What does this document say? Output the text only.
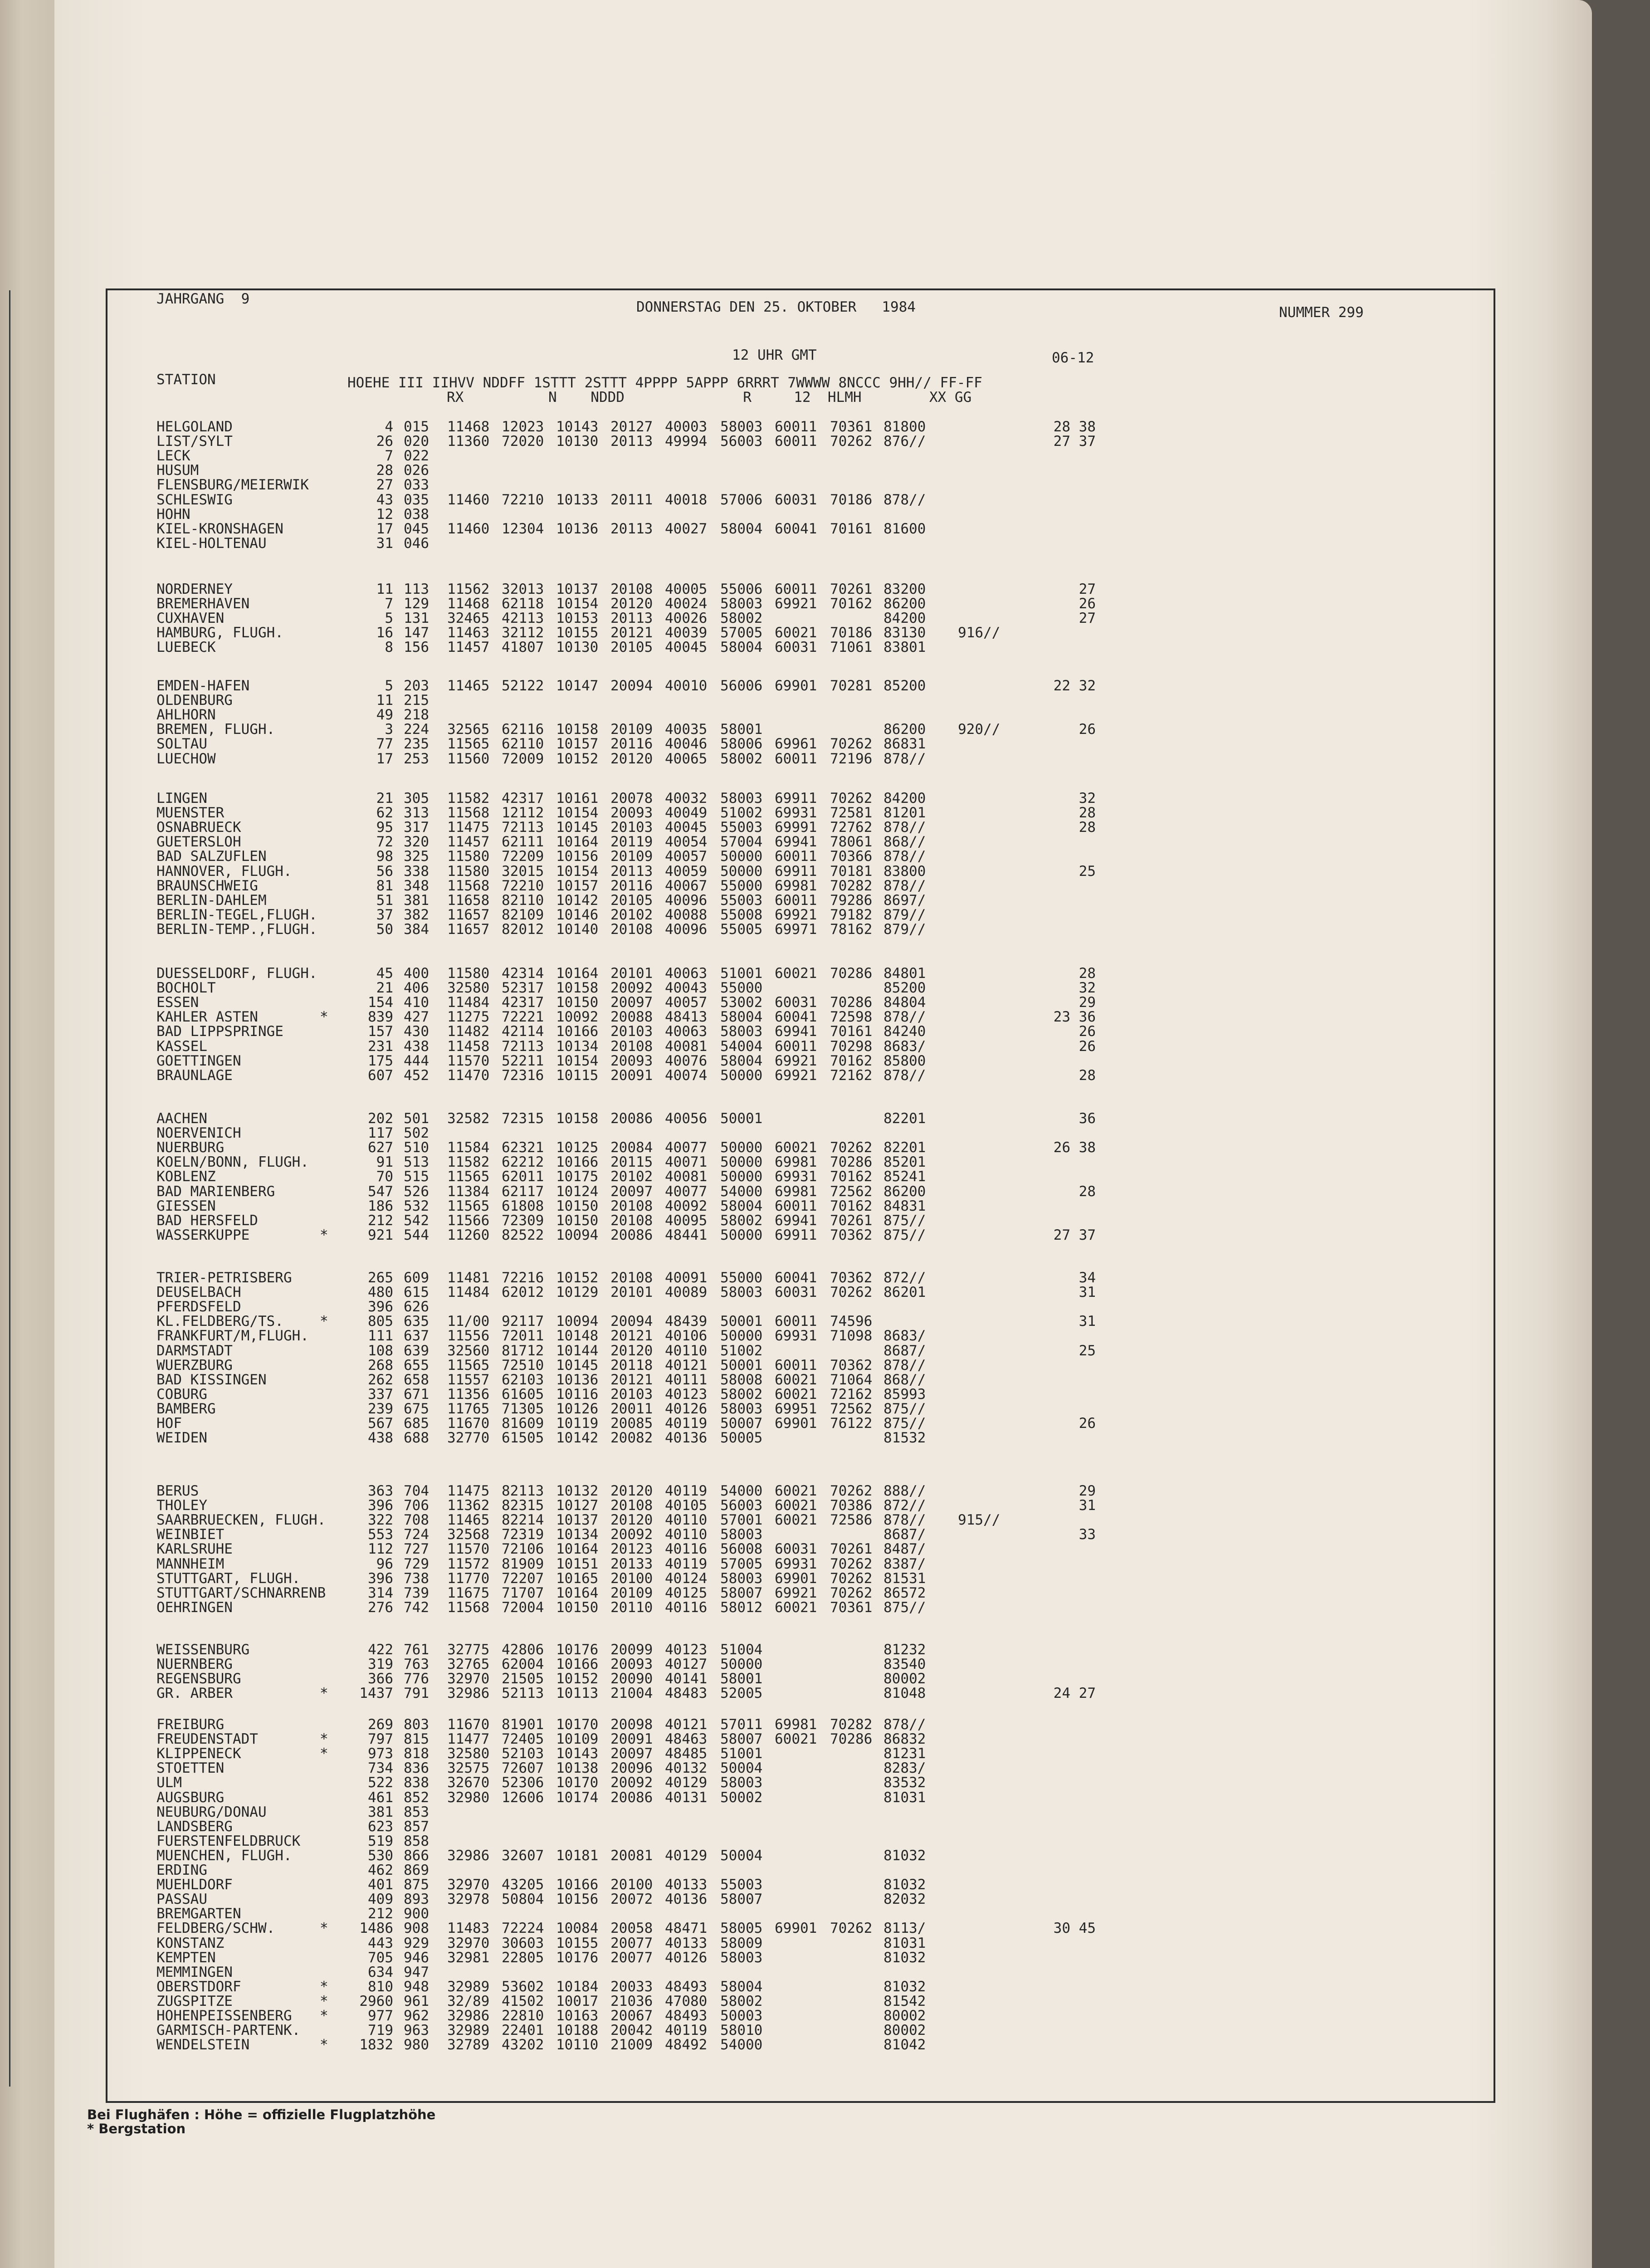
JAHRGANG  9	DONNERSTAG DEN 25. OKTOBER   1984	NUMMER 299
12 UHR GMT	06-12
STATION	HOEHE III IIHVV NDDFF 1STTT 2STTT 4PPPP 5APPP 6RRRT 7WWWW 8NCCC 9HH// FF-FF
RX          N    NDDD              R     12  HLMH        XX GG
HELGOLAND	4 015 11468 12023 10143 20127 40003 58003 60011 70361 81800	28 38
LIST/SYLT	26 020 11360 72020 10130 20113 49994 56003 60011 70262 876//	27 37
LECK	7 022
HUSUM	28 026
FLENSBURG/MEIERWIK	27 033
SCHLESWIG	43 035 11460 72210 10133 20111 40018 57006 60031 70186 878//
HOHN	12 038
KIEL-KRONSHAGEN	17 045 11460 12304 10136 20113 40027 58004 60041 70161 81600
KIEL-HOLTENAU	31 046
NORDERNEY	11 113 11562 32013 10137 20108 40005 55006 60011 70261 83200	27
BREMERHAVEN	7 129 11468 62118 10154 20120 40024 58003 69921 70162 86200	26
CUXHAVEN	5 131 32465 42113 10153 20113 40026 58002	84200	27
HAMBURG, FLUGH.	16 147 11463 32112 10155 20121 40039 57005 60021 70186 83130 916//
LUEBECK	8 156 11457 41807 10130 20105 40045 58004 60031 71061 83801
EMDEN-HAFEN	5 203 11465 52122 10147 20094 40010 56006 69901 70281 85200	22 32
OLDENBURG	11 215
AHLHORN	49 218
BREMEN, FLUGH.	3 224 32565 62116 10158 20109 40035 58001	86200 920//	26
SOLTAU	77 235 11565 62110 10157 20116 40046 58006 69961 70262 86831
LUECHOW	17 253 11560 72009 10152 20120 40065 58002 60011 72196 878//
LINGEN	21 305 11582 42317 10161 20078 40032 58003 69911 70262 84200	32
MUENSTER	62 313 11568 12112 10154 20093 40049 51002 69931 72581 81201	28
OSNABRUECK	95 317 11475 72113 10145 20103 40045 55003 69991 72762 878//	28
GUETERSLOH	72 320 11457 62111 10164 20119 40054 57004 69941 78061 868//
BAD SALZUFLEN	98 325 11580 72209 10156 20109 40057 50000 60011 70366 878//
HANNOVER, FLUGH.	56 338 11580 32015 10154 20113 40059 50000 69911 70181 83800	25
BRAUNSCHWEIG	81 348 11568 72210 10157 20116 40067 55000 69981 70282 878//
BERLIN-DAHLEM	51 381 11658 82110 10142 20105 40096 55003 60011 79286 8697/
BERLIN-TEGEL,FLUGH.	37 382 11657 82109 10146 20102 40088 55008 69921 79182 879//
BERLIN-TEMP.,FLUGH.	50 384 11657 82012 10140 20108 40096 55005 69971 78162 879//
DUESSELDORF, FLUGH.	45 400 11580 42314 10164 20101 40063 51001 60021 70286 84801	28
BOCHOLT	21 406 32580 52317 10158 20092 40043 55000	85200	32
ESSEN	154 410 11484 42317 10150 20097 40057 53002 60031 70286 84804	29
KAHLER ASTEN	*	839 427 11275 72221 10092 20088 48413 58004 60041 72598 878//	23 36
BAD LIPPSPRINGE	157 430 11482 42114 10166 20103 40063 58003 69941 70161 84240	26
KASSEL	231 438 11458 72113 10134 20108 40081 54004 60011 70298 8683/	26
GOETTINGEN	175 444 11570 52211 10154 20093 40076 58004 69921 70162 85800
BRAUNLAGE	607 452 11470 72316 10115 20091 40074 50000 69921 72162 878//	28
AACHEN	202 501 32582 72315 10158 20086 40056 50001	82201	36
NOERVENICH	117 502
NUERBURG	627 510 11584 62321 10125 20084 40077 50000 60021 70262 82201	26 38
KOELN/BONN, FLUGH.	91 513 11582 62212 10166 20115 40071 50000 69981 70286 85201
KOBLENZ	70 515 11565 62011 10175 20102 40081 50000 69931 70162 85241
BAD MARIENBERG	547 526 11384 62117 10124 20097 40077 54000 69981 72562 86200	28
GIESSEN	186 532 11565 61808 10150 20108 40092 58004 60011 70162 84831
BAD HERSFELD	212 542 11566 72309 10150 20108 40095 58002 69941 70261 875//
WASSERKUPPE	*	921 544 11260 82522 10094 20086 48441 50000 69911 70362 875//	27 37
TRIER-PETRISBERG	265 609 11481 72216 10152 20108 40091 55000 60041 70362 872//	34
DEUSELBACH	480 615 11484 62012 10129 20101 40089 58003 60031 70262 86201	31
PFERDSFELD	396 626
KL.FELDBERG/TS.	*	805 635 11/00 92117 10094 20094 48439 50001 60011 74596	31
FRANKFURT/M,FLUGH.	111 637 11556 72011 10148 20121 40106 50000 69931 71098 8683/
DARMSTADT	108 639 32560 81712 10144 20120 40110 51002	8687/	25
WUERZBURG	268 655 11565 72510 10145 20118 40121 50001 60011 70362 878//
BAD KISSINGEN	262 658 11557 62103 10136 20121 40111 58008 60021 71064 868//
COBURG	337 671 11356 61605 10116 20103 40123 58002 60021 72162 85993
BAMBERG	239 675 11765 71305 10126 20011 40126 58003 69951 72562 875//
HOF	567 685 11670 81609 10119 20085 40119 50007 69901 76122 875//	26
WEIDEN	438 688 32770 61505 10142 20082 40136 50005	81532
BERUS	363 704 11475 82113 10132 20120 40119 54000 60021 70262 888//	29
THOLEY	396 706 11362 82315 10127 20108 40105 56003 60021 70386 872//	31
SAARBRUECKEN, FLUGH.	322 708 11465 82214 10137 20120 40110 57001 60021 72586 878// 915//
WEINBIET	553 724 32568 72319 10134 20092 40110 58003	8687/	33
KARLSRUHE	112 727 11570 72106 10164 20123 40116 56008 60031 70261 8487/
MANNHEIM	96 729 11572 81909 10151 20133 40119 57005 69931 70262 8387/
STUTTGART, FLUGH.	396 738 11770 72207 10165 20100 40124 58003 69901 70262 81531
STUTTGART/SCHNARRENB	314 739 11675 71707 10164 20109 40125 58007 69921 70262 86572
OEHRINGEN	276 742 11568 72004 10150 20110 40116 58012 60021 70361 875//
WEISSENBURG	422 761 32775 42806 10176 20099 40123 51004	81232
NUERNBERG	319 763 32765 62004 10166 20093 40127 50000	83540
REGENSBURG	366 776 32970 21505 10152 20090 40141 58001	80002
GR. ARBER	*	1437 791 32986 52113 10113 21004 48483 52005	81048	24 27
FREIBURG	269 803 11670 81901 10170 20098 40121 57011 69981 70282 878//
FREUDENSTADT	*	797 815 11477 72405 10109 20091 48463 58007 60021 70286 86832
KLIPPENECK	*	973 818 32580 52103 10143 20097 48485 51001	81231
STOETTEN	734 836 32575 72607 10138 20096 40132 50004	8283/
ULM	522 838 32670 52306 10170 20092 40129 58003	83532
AUGSBURG	461 852 32980 12606 10174 20086 40131 50002	81031
NEUBURG/DONAU	381 853
LANDSBERG	623 857
FUERSTENFELDBRUCK	519 858
MUENCHEN, FLUGH.	530 866 32986 32607 10181 20081 40129 50004	81032
ERDING	462 869
MUEHLDORF	401 875 32970 43205 10166 20100 40133 55003	81032
PASSAU	409 893 32978 50804 10156 20072 40136 58007	82032
BREMGARTEN	212 900
FELDBERG/SCHW.	*	1486 908 11483 72224 10084 20058 48471 58005 69901 70262 8113/	30 45
KONSTANZ	443 929 32970 30603 10155 20077 40133 58009	81031
KEMPTEN	705 946 32981 22805 10176 20077 40126 58003	81032
MEMMINGEN	634 947
OBERSTDORF	*	810 948 32989 53602 10184 20033 48493 58004	81032
ZUGSPITZE	*	2960 961 32/89 41502 10017 21036 47080 58002	81542
HOHENPEISSENBERG *	977 962 32986 22810 10163 20067 48493 50003	80002
GARMISCH-PARTENK.	719 963 32989 22401 10188 20042 40119 58010	80002
WENDELSTEIN	*	1832 980 32789 43202 10110 21009 48492 54000	81042
Bei Flughäfen : Höhe = offizielle Flugplatzhöhe
* Bergstation
